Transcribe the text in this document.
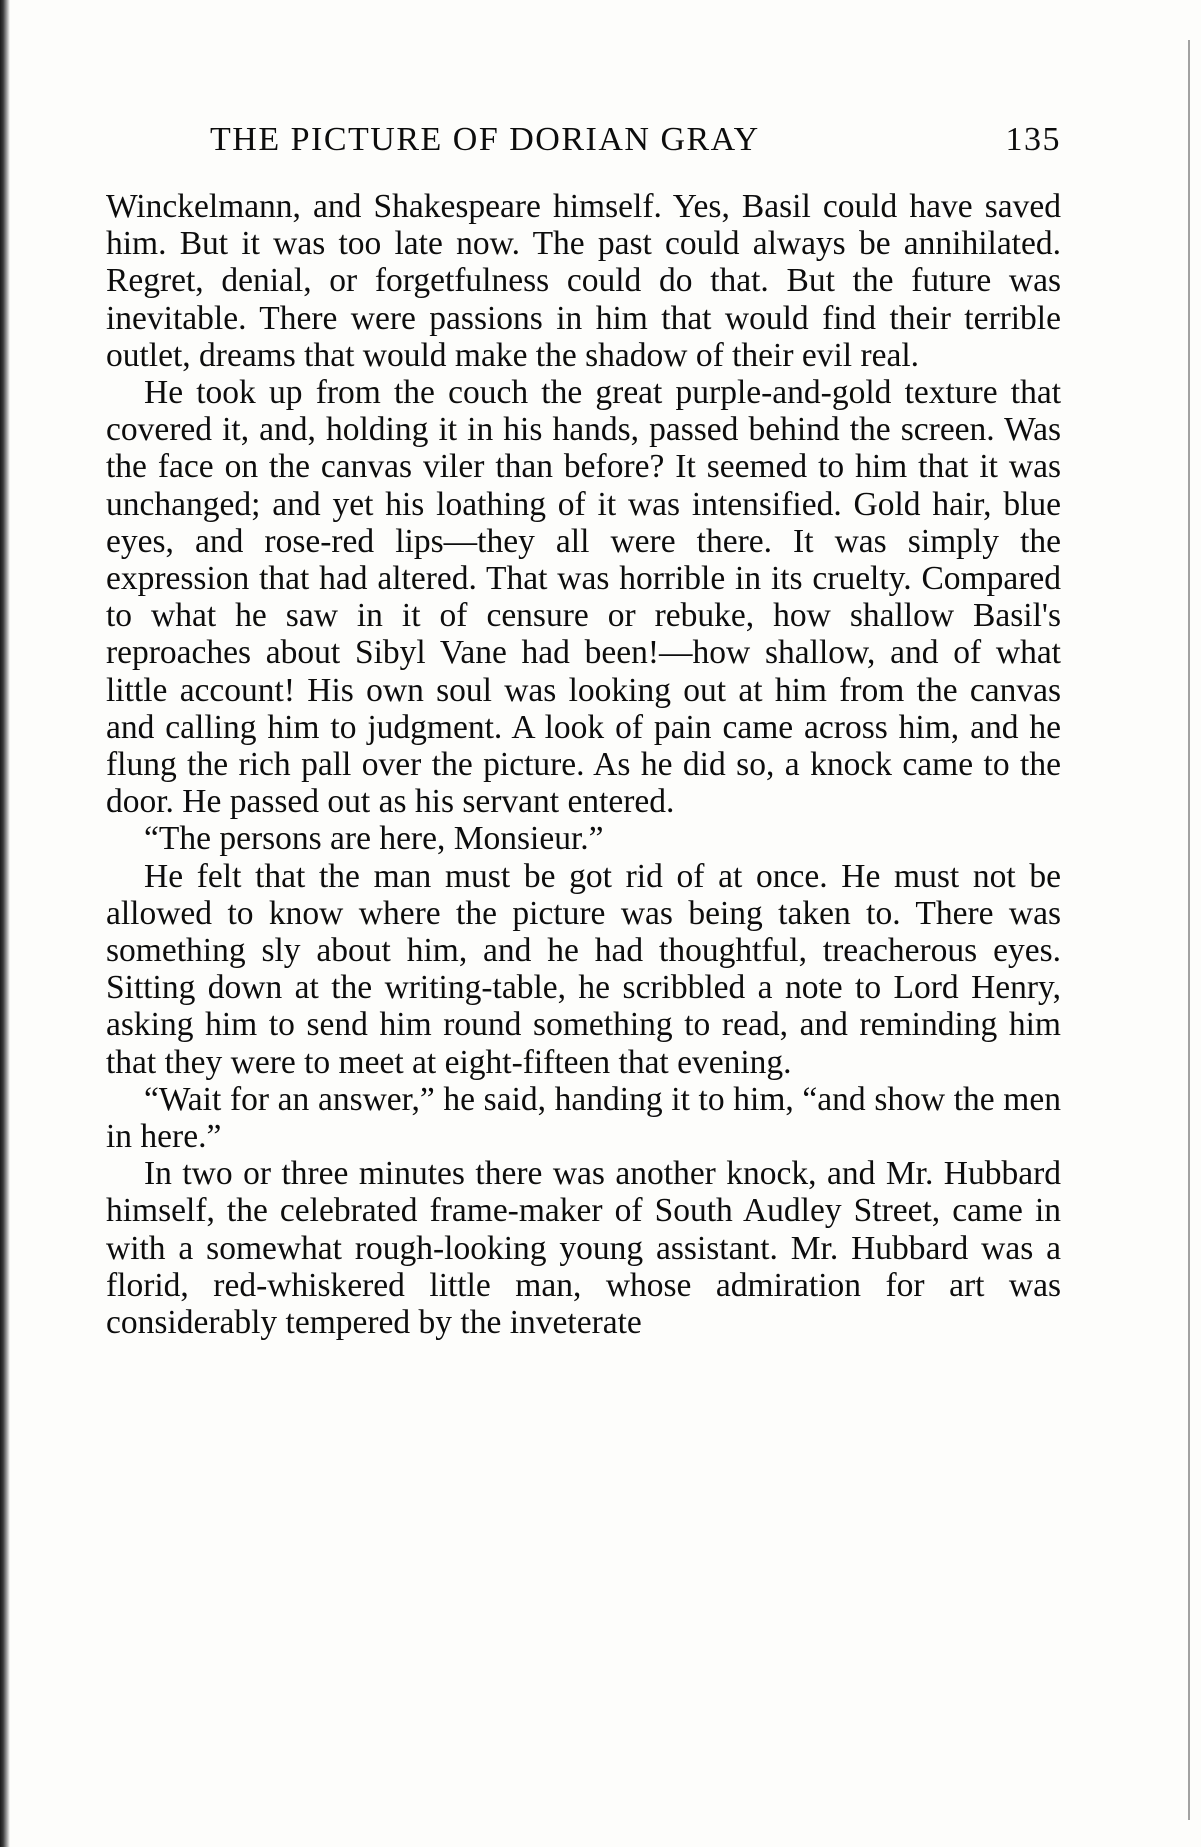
THE PICTURE OF DORIAN GRAY	135

Winckelmann, and Shakespeare himself. Yes, Basil could have saved him. But it was too late now. The past could always be annihilated. Regret, denial, or forgetfulness could do that. But the future was inevitable. There were passions in him that would find their terrible outlet, dreams that would make the shadow of their evil real.

He took up from the couch the great purple-and-gold texture that covered it, and, holding it in his hands, passed behind the screen. Was the face on the canvas viler than before? It seemed to him that it was unchanged; and yet his loathing of it was intensified. Gold hair, blue eyes, and rose-red lips—they all were there. It was simply the expression that had altered. That was horrible in its cruelty. Compared to what he saw in it of censure or rebuke, how shallow Basil's reproaches about Sibyl Vane had been!—how shallow, and of what little account! His own soul was looking out at him from the canvas and calling him to judgment. A look of pain came across him, and he flung the rich pall over the picture. As he did so, a knock came to the door. He passed out as his servant entered.

“The persons are here, Monsieur.”

He felt that the man must be got rid of at once. He must not be allowed to know where the picture was being taken to. There was something sly about him, and he had thoughtful, treacherous eyes. Sitting down at the writing-table, he scribbled a note to Lord Henry, asking him to send him round something to read, and reminding him that they were to meet at eight-fifteen that evening.

“Wait for an answer,” he said, handing it to him, “and show the men in here.”

In two or three minutes there was another knock, and Mr. Hubbard himself, the celebrated frame-maker of South Audley Street, came in with a somewhat rough-looking young assistant. Mr. Hubbard was a florid, red-whiskered little man, whose admiration for art was considerably tempered by the inveterate
